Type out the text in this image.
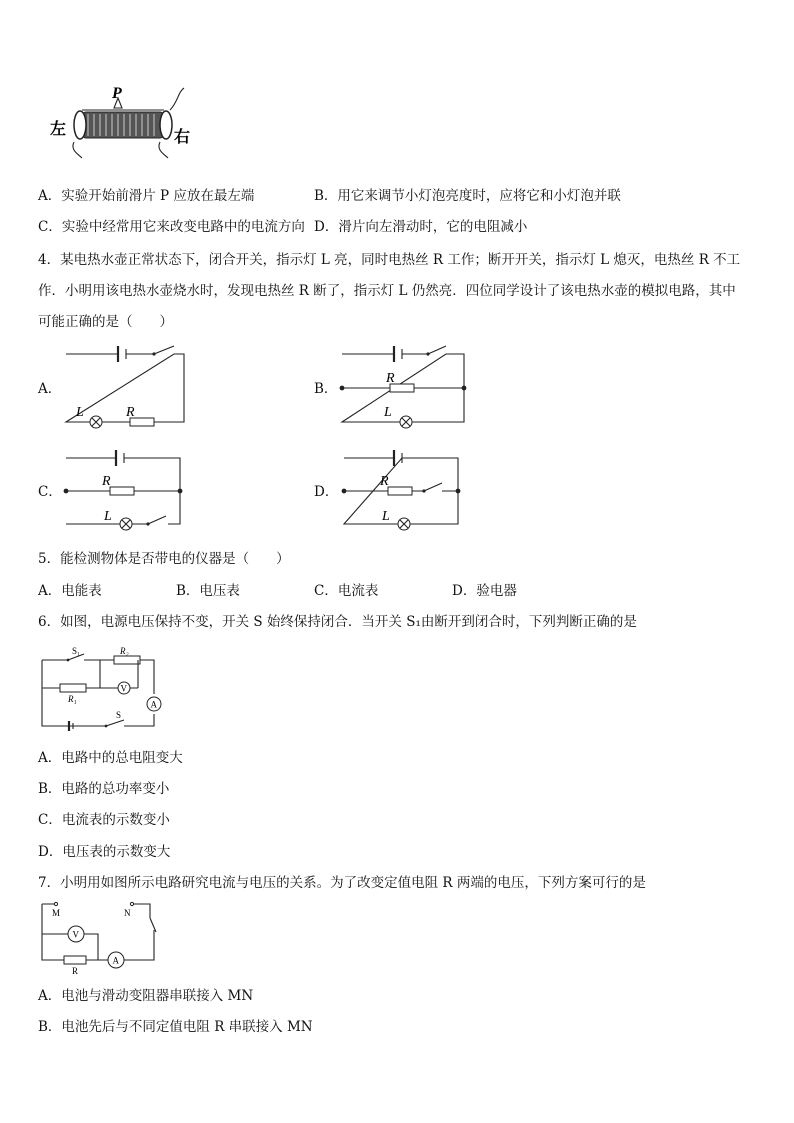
P
左	右
A．实验开始前滑片 P 应放在最左端	B．用它来调节小灯泡亮度时，应将它和小灯泡并联
C．实验中经常用它来改变电路中的电流方向 D．滑片向左滑动时，它的电阻减小
4．某电热水壶正常状态下，闭合开关，指示灯 L 亮，同时电热丝 R 工作；断开开关，指示灯 L 熄灭，电热丝 R 不工
作．小明用该电热水壶烧水时，发现电热丝 R 断了，指示灯 L 仍然亮．四位同学设计了该电热水壶的模拟电路，其中
可能正确的是（　　）
A．	B．
C．	D．
L	R
R
L
R
L
R
L
5．能检测物体是否带电的仪器是（　　）
A．电能表	B．电压表	C．电流表	D．验电器
6．如图，电源电压保持不变，开关 S 始终保持闭合．当开关 S₁由断开到闭合时，下列判断正确的是
S₁	R₂
R₁
V
A
S
A．电路中的总电阻变大
B．电路的总功率变小
C．电流表的示数变小
D．电压表的示数变大
7．小明用如图所示电路研究电流与电压的关系。为了改变定值电阻 R 两端的电压，下列方案可行的是
M	N
V
A
R
A．电池与滑动变阻器串联接入 MN
B．电池先后与不同定值电阻 R 串联接入 MN
